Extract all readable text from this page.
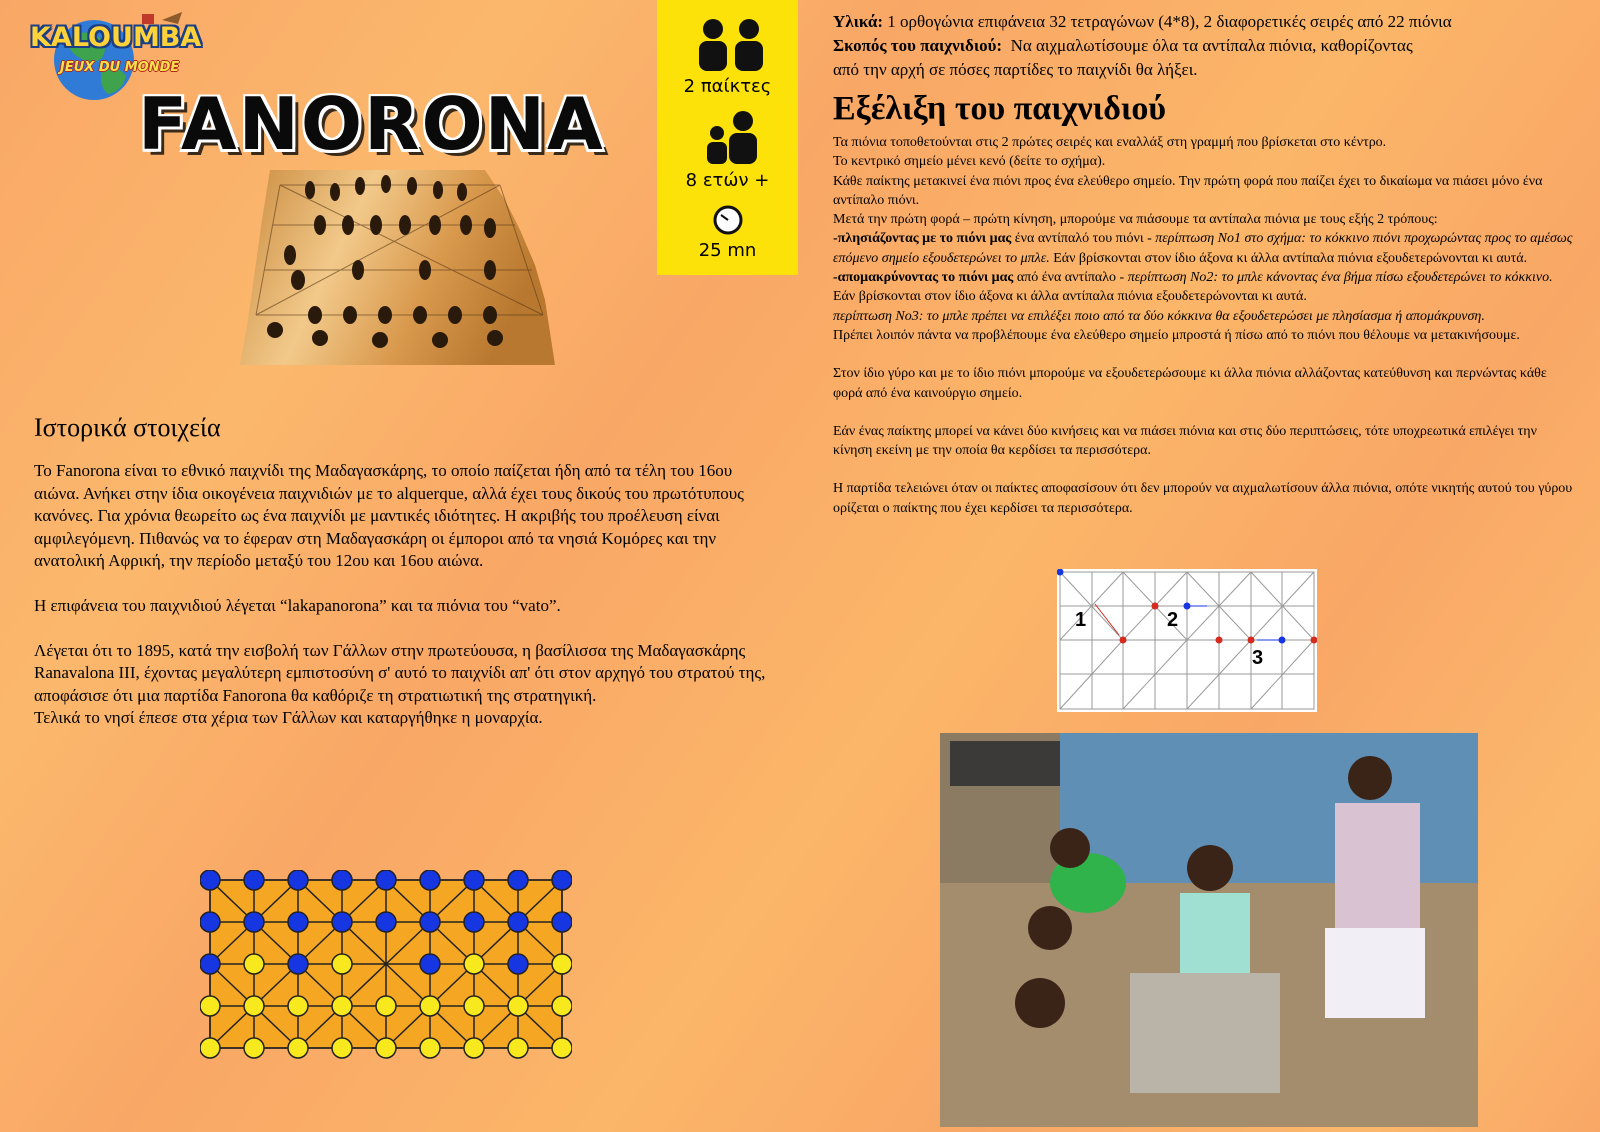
KALOUMBA
JEUX DU MONDE
FANORONA	2 παίκτες
8 ετών +
25 mn
Υλικά: 1 ορθογώνια επιφάνεια 32 τετραγώνων (4*8), 2 διαφορετικές σειρές από 22 πιόνια
Σκοπός του παιχνιδιού: Να αιχμαλωτίσουμε όλα τα αντίπαλα πιόνια, καθορίζοντας
από την αρχή σε πόσες παρτίδες το παιχνίδι θα λήξει.
Εξέλιξη του παιχνιδιού

Τα πιόνια τοποθετούνται στις 2 πρώτες σειρές και εναλλάξ στη γραμμή που βρίσκεται στο κέντρο.

Το κεντρικό σημείο μένει κενό (δείτε το σχήμα).

Κάθε παίκτης μετακινεί ένα πιόνι προς ένα ελεύθερο σημείο. Την πρώτη φορά που παίζει έχει το δικαίωμα να πιάσει μόνο ένα αντίπαλο πιόνι.

Μετά την πρώτη φορά – πρώτη κίνηση, μπορούμε να πιάσουμε τα αντίπαλα πιόνια με τους εξής 2 τρόπους:

-πλησιάζοντας με το πιόνι μας ένα αντίπαλό του πιόνι - περίπτωση No1 στο σχήμα: το κόκκινο πιόνι προχωρώντας προς το αμέσως επόμενο σημείο εξουδετερώνει το μπλε. Εάν βρίσκονται στον ίδιο άξονα κι άλλα αντίπαλα πιόνια εξουδετερώνονται κι αυτά.

-απομακρύνοντας το πιόνι μας από ένα αντίπαλο - περίπτωση No2: το μπλε κάνοντας ένα βήμα πίσω εξουδετερώνει το κόκκινο. Εάν βρίσκονται στον ίδιο άξονα κι άλλα αντίπαλα πιόνια εξουδετερώνονται κι αυτά.

περίπτωση No3: το μπλε πρέπει να επιλέξει ποιο από τα δύο κόκκινα θα εξουδετερώσει με πλησίασμα ή απομάκρυνση.

Πρέπει λοιπόν πάντα να προβλέπουμε ένα ελεύθερο σημείο μπροστά ή πίσω από το πιόνι που θέλουμε να μετακινήσουμε.

Στον ίδιο γύρο και με το ίδιο πιόνι μπορούμε να εξουδετερώσουμε κι άλλα πιόνια αλλάζοντας κατεύθυνση και περνώντας κάθε φορά από ένα καινούργιο σημείο.

Εάν ένας παίκτης μπορεί να κάνει δύο κινήσεις και να πιάσει πιόνια και στις δύο περιπτώσεις, τότε υποχρεωτικά επιλέγει την κίνηση εκείνη με την οποία θα κερδίσει τα περισσότερα.

Η παρτίδα τελειώνει όταν οι παίκτες αποφασίσουν ότι δεν μπορούν να αιχμαλωτίσουν άλλα πιόνια, οπότε νικητής αυτού του γύρου ορίζεται ο παίκτης που έχει κερδίσει τα περισσότερα.

1	2
3
Ιστορικά στοιχεία

Το Fanorona είναι το εθνικό παιχνίδι της Μαδαγασκάρης, το οποίο παίζεται ήδη από τα τέλη του 16ου αιώνα. Ανήκει στην ίδια οικογένεια παιχνιδιών με το alquerque, αλλά έχει τους δικούς του πρωτότυπους κανόνες. Για χρόνια θεωρείτο ως ένα παιχνίδι με μαντικές ιδιότητες. Η ακριβής του προέλευση είναι αμφιλεγόμενη. Πιθανώς να το έφεραν στη Μαδαγασκάρη οι έμποροι από τα νησιά Κομόρες και την ανατολική Αφρική, την περίοδο μεταξύ του 12ου και 16ου αιώνα.

Η επιφάνεια του παιχνιδιού λέγεται “lakapanorona” και τα πιόνια του “vato”.

Λέγεται ότι το 1895, κατά την εισβολή των Γάλλων στην πρωτεύουσα, η βασίλισσα της Μαδαγασκάρης Ranavalona III, έχοντας μεγαλύτερη εμπιστοσύνη σ' αυτό το παιχνίδι απ' ότι στον αρχηγό του στρατού της, αποφάσισε ότι μια παρτίδα Fanorona θα καθόριζε τη στρατιωτική της στρατηγική.

Τελικά το νησί έπεσε στα χέρια των Γάλλων και καταργήθηκε η μοναρχία.
